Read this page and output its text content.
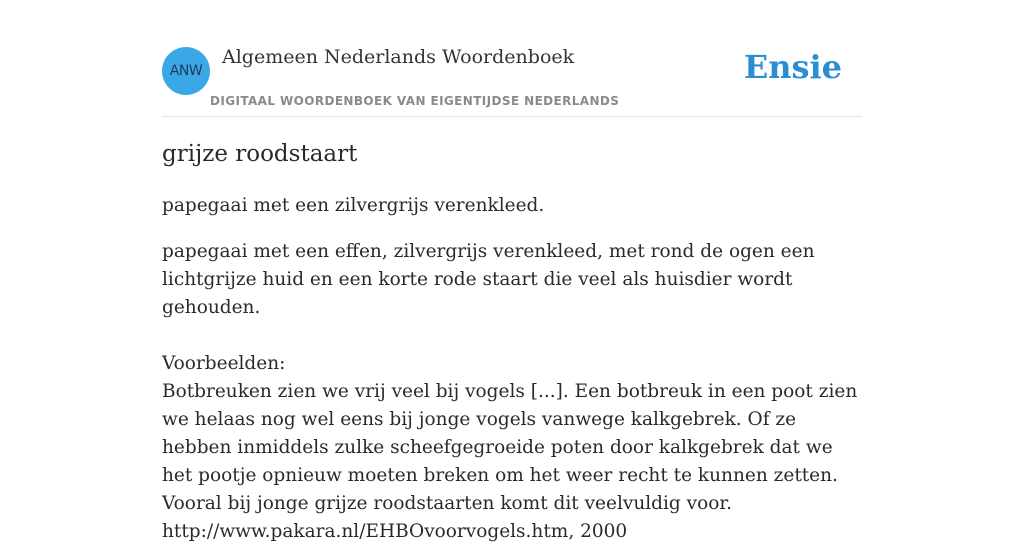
ANW
Algemeen Nederlands Woordenboek
DIGITAAL WOORDENBOEK VAN EIGENTIJDSE NEDERLANDS
Ensie
grijze roodstaart

papegaai met een zilvergrijs verenkleed.

papegaai met een effen, zilvergrijs verenkleed, met rond de ogen een lichtgrijze huid en een korte rode staart die veel als huisdier wordt gehouden.

Voorbeelden:

Botbreuken zien we vrij veel bij vogels [...]. Een botbreuk in een poot zien we helaas nog wel eens bij jonge vogels vanwege kalkgebrek. Of ze hebben inmiddels zulke scheefgegroeide poten door kalkgebrek dat we het pootje opnieuw moeten breken om het weer recht te kunnen zetten. Vooral bij jonge grijze roodstaarten komt dit veelvuldig voor.

http://www.pakara.nl/EHBOvoorvogels.htm, 2000
